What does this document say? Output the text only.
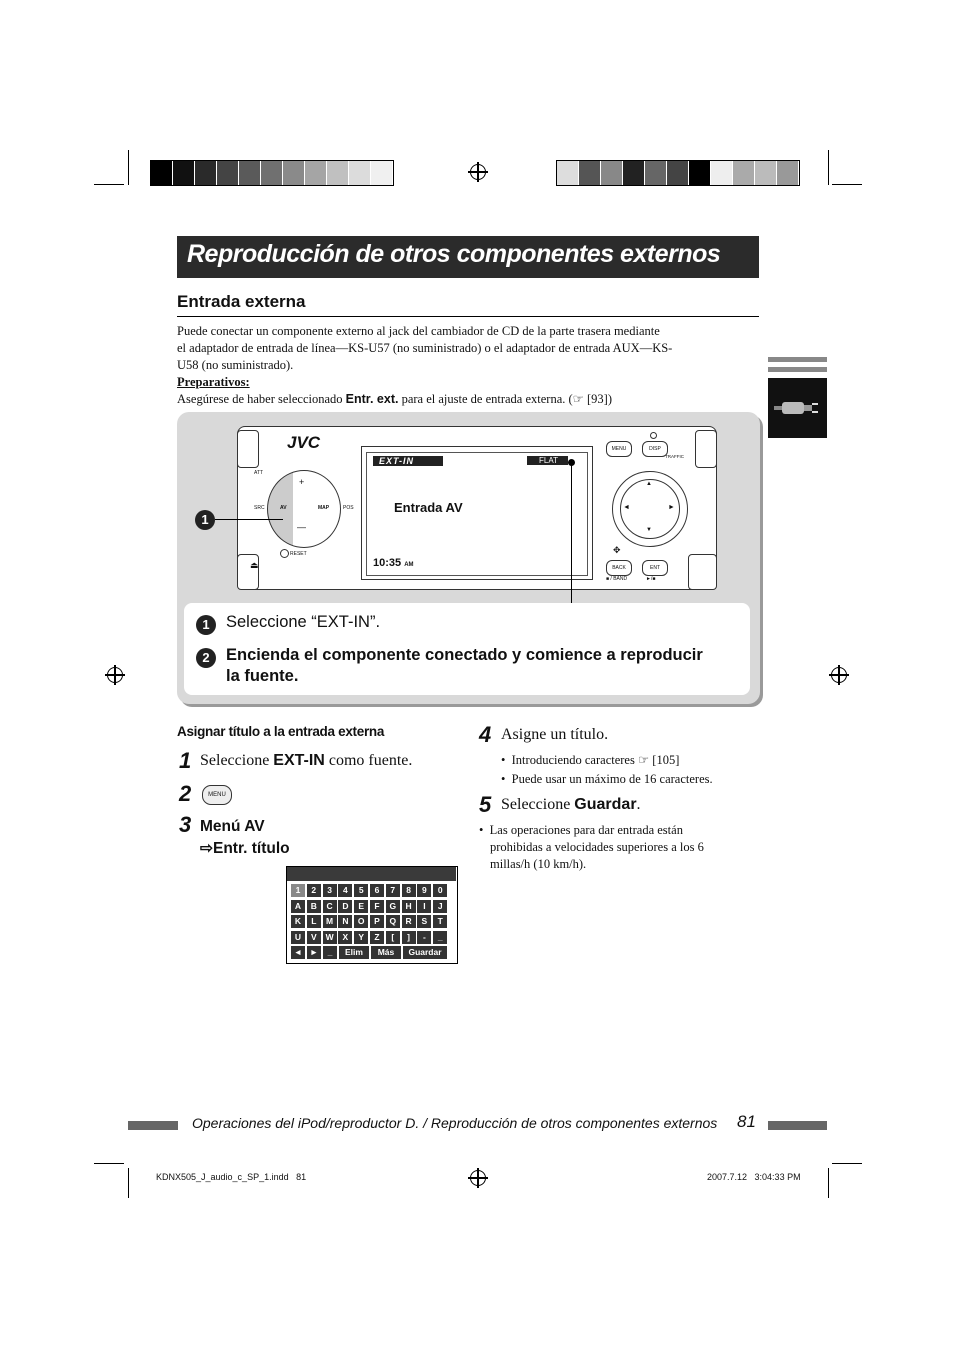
Reproducción de otros componentes externos
Entrada externa
Puede conectar un componente externo al jack del cambiador de CD de la parte trasera mediante
el adaptador de entrada de línea—KS-U57 (no suministrado) o el adaptador de entrada AUX—KS-
U58 (no suministrado).
Preparativos:
Asegúrese de haber seleccionado Entr. ext. para el ajuste de entrada externa. (☞ [93])
⏏
JVC
ATT
SRC	POS
RESET
+
—
AV	MAP
1
EXT-IN	FLAT
Entrada AV
10:35 AM
MENU	DISP
TRAFFIC
▲
▼
◄	►
BACK	ENT
■ / BAND	►/■
✥
1 Seleccione “EXT-IN”.
2 Encienda el componente conectado y comience a reproducir
la fuente.
Asignar título a la entrada externa
1 Seleccione EXT-IN como fuente.
2	MENU
3 Menú AV
⇨Entr. título
1	2	3	4	5	6	7	8	9	0
A	B	C	D	E	F	G	H	I	J
K	L	M	N	O	P	Q	R	S	T
U	V	W	X	Y	Z	[	]	-	_
◄ ►	_	Elim	Más	Guardar
4 Asigne un título.
•  Introduciendo caracteres ☞ [105]
•  Puede usar un máximo de 16 caracteres.
5 Seleccione Guardar.
•  Las operaciones para dar entrada están
prohibidas a velocidades superiores a los 6
millas/h (10 km/h).
Operaciones del iPod/reproductor D. / Reproducción de otros componentes externos 81
KDNX505_J_audio_c_SP_1.indd   81	2007.7.12   3:04:33 PM
